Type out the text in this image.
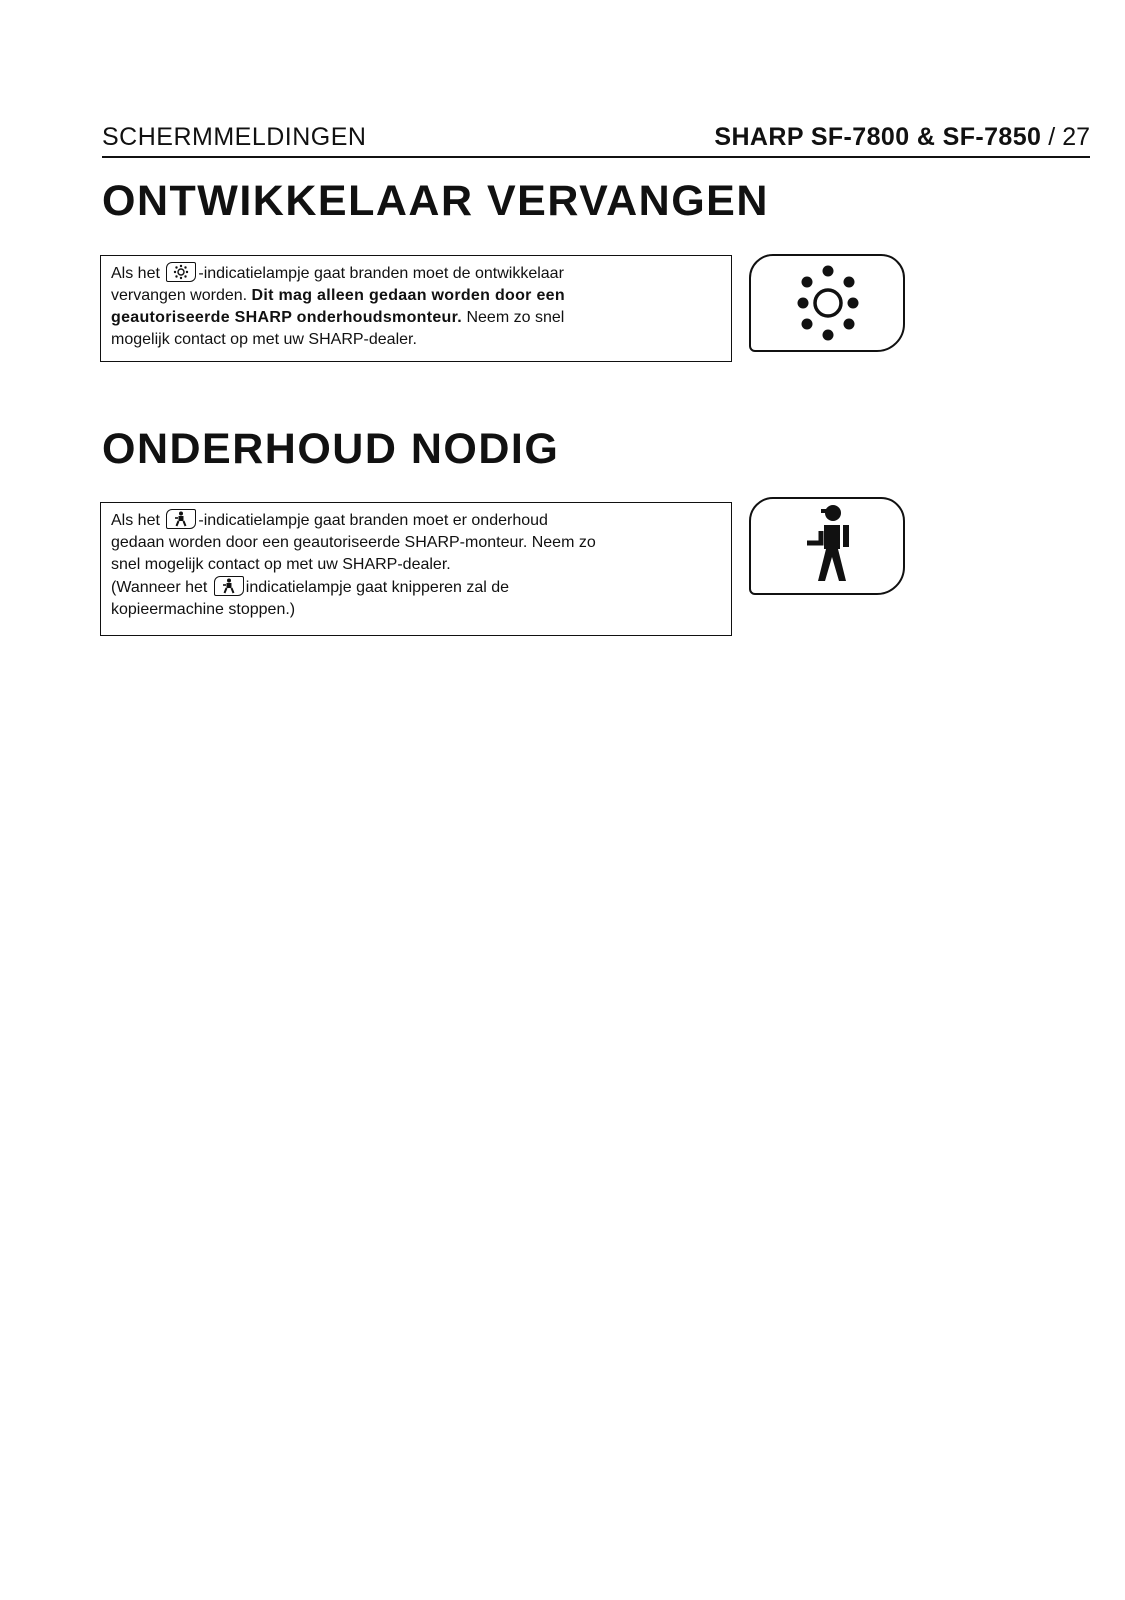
SCHERMMELDINGEN	SHARP SF-7800 & SF-7850 / 27
ONTWIKKELAAR VERVANGEN

Als het
-indicatielampje gaat branden moet de ontwikkelaar

vervangen worden. Dit mag alleen gedaan worden door een

geautoriseerde SHARP onderhoudsmonteur. Neem zo snel

mogelijk contact op met uw SHARP-dealer.

ONDERHOUD NODIG

Als het
-indicatielampje gaat branden moet er onderhoud

gedaan worden door een geautoriseerde SHARP-monteur. Neem zo

snel mogelijk contact op met uw SHARP-dealer.

(Wanneer het
indicatielampje gaat knipperen zal de

kopieermachine stoppen.)
